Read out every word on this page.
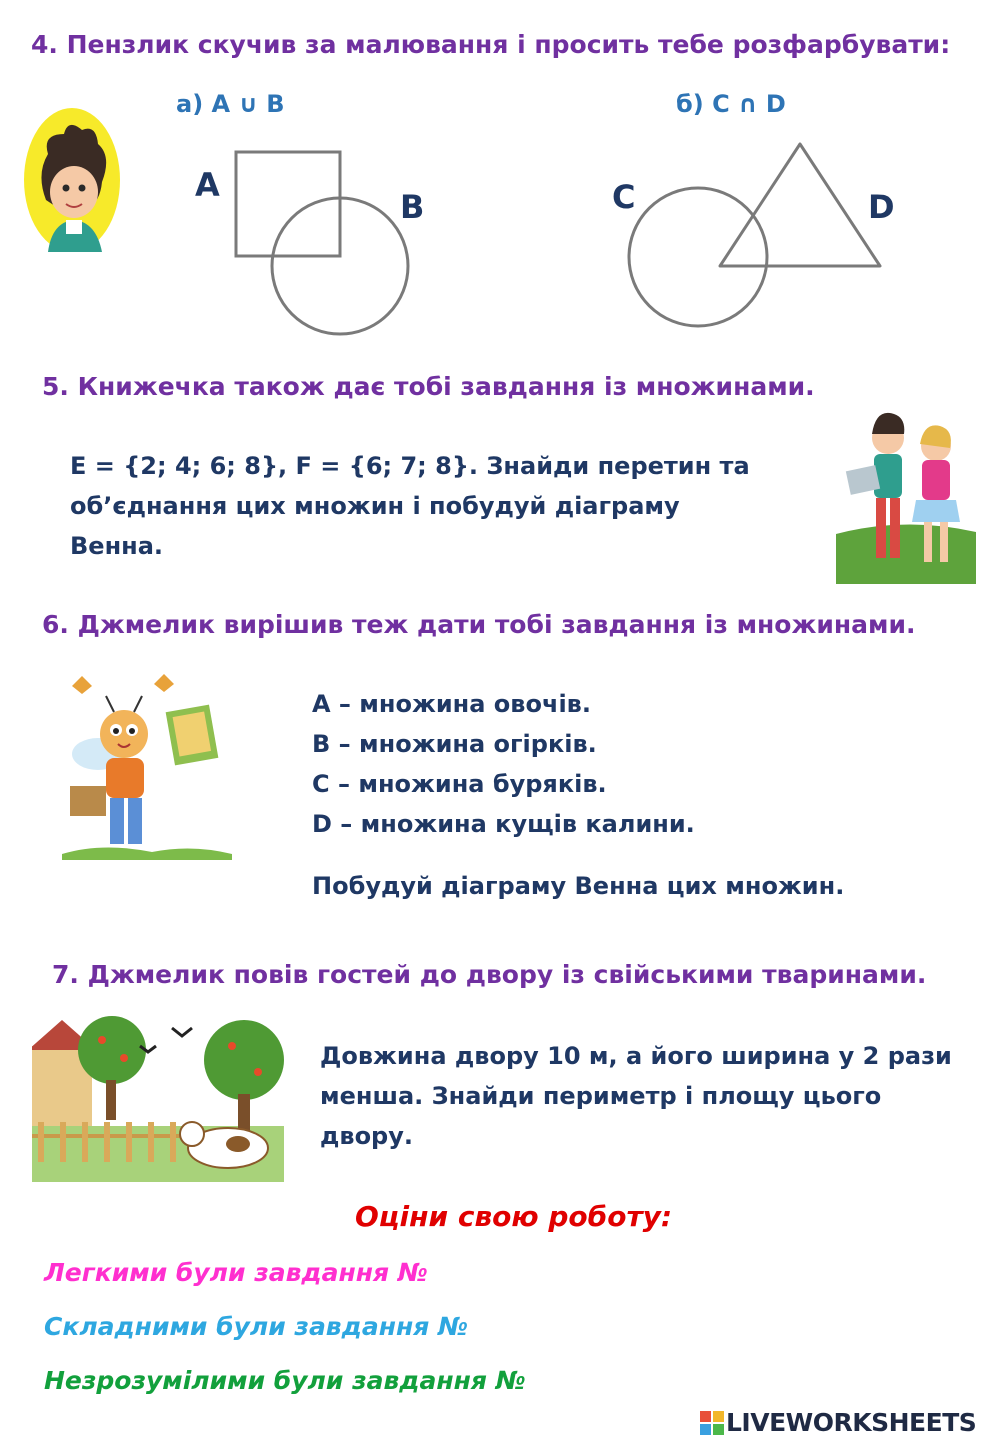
4. Пензлик скучив за малювання і просить тебе розфарбувати:
а) A ∪ B	б) C ∩ D
A
B	C	D
5. Книжечка також дає тобі завдання із множинами.
E = {2; 4; 6; 8}, F = {6; 7; 8}. Знайди перетин та
об’єднання цих множин і побудуй діаграму
Венна.
6. Джмелик вирішив теж дати тобі завдання із множинами.
А – множина овочів.
В – множина огірків.
С – множина буряків.
D – множина кущів калини.
Побудуй діаграму Венна цих множин.
7. Джмелик повів гостей до двору із свійськими тваринами.
Довжина двору 10 м, а його ширина у 2 рази
менша. Знайди периметр і площу цього
двору.
Оціни свою роботу:
Легкими були завдання №
Складними були завдання №
Незрозумілими були завдання №
LIVEWORKSHEETS
